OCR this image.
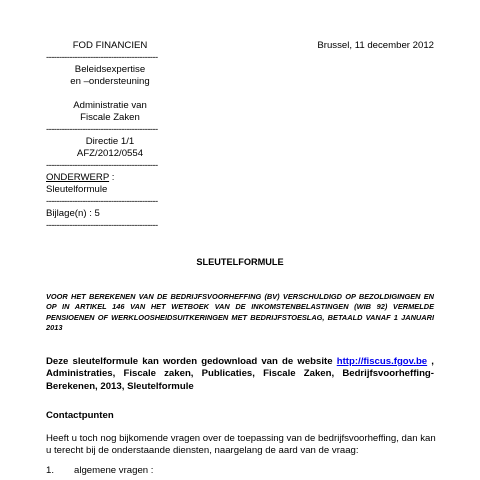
FOD FINANCIEN
-------------------------------------------
Beleidsexpertise
en –ondersteuning
Administratie van
Fiscale Zaken
-------------------------------------------
Directie 1/1
AFZ/2012/0554
-------------------------------------------
ONDERWERP :
Sleutelformule
-------------------------------------------
Bijlage(n) : 5
-------------------------------------------
Brussel, 11 december 2012
SLEUTELFORMULE
VOOR HET BEREKENEN VAN DE BEDRIJFSVOORHEFFING (BV) VERSCHULDIGD OP BEZOLDIGINGEN EN OP IN ARTIKEL 146 VAN HET WETBOEK VAN DE INKOMSTENBELASTINGEN (WIB 92) VERMELDE PENSIOENEN OF WERKLOOSHEIDSUITKERINGEN MET BEDRIJFSTOESLAG, BETAALD VANAF 1 JANUARI 2013
Deze sleutelformule kan worden gedownload van de website http://fiscus.fgov.be , Administraties, Fiscale zaken, Publicaties, Fiscale Zaken, Bedrijfsvoorheffing-Berekenen, 2013, Sleutelformule
Contactpunten
Heeft u toch nog bijkomende vragen over de toepassing van de bedrijfsvoorheffing, dan kan u terecht bij de onderstaande diensten, naargelang de aard van de vraag:
1. algemene vragen :
